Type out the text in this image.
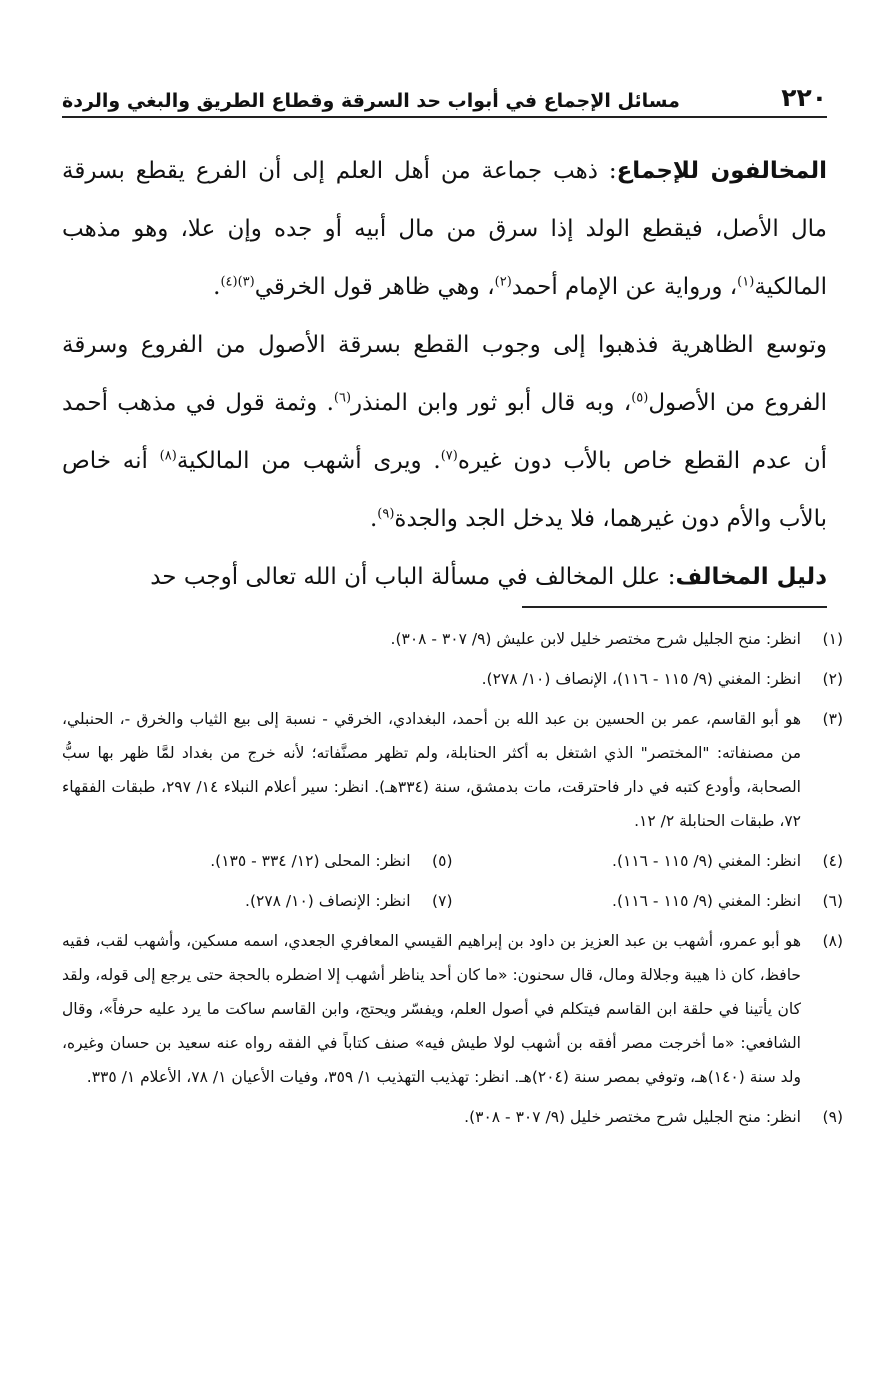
٢٢٠
مسائل الإجماع في أبواب حد السرقة وقطاع الطريق والبغي والردة

المخالفون للإجماع: ذهب جماعة من أهل العلم إلى أن الفرع يقطع بسرقة مال الأصل، فيقطع الولد إذا سرق من مال أبيه أو جده وإن علا، وهو مذهب المالكية$^{(١)}$، ورواية عن الإمام أحمد$^{(٢)}$، وهي ظاهر قول الخرقي$^{(٣)(٤)}$.

وتوسع الظاهرية فذهبوا إلى وجوب القطع بسرقة الأصول من الفروع وسرقة الفروع من الأصول$^{(٥)}$، وبه قال أبو ثور وابن المنذر$^{(٦)}$. وثمة قول في مذهب أحمد أن عدم القطع خاص بالأب دون غيره$^{(٧)}$. ويرى أشهب من المالكية$^{(٨)}$ أنه خاص بالأب والأم دون غيرهما، فلا يدخل الجد والجدة$^{(٩)}$.

دليل المخالف: علل المخالف في مسألة الباب أن الله تعالى أوجب حد

(١)
انظر: منح الجليل شرح مختصر خليل لابن عليش (٩/ ٣٠٧ - ٣٠٨).
(٢)
انظر: المغني (٩/ ١١٥ - ١١٦)، الإنصاف (١٠/ ٢٧٨).
(٣)
هو أبو القاسم، عمر بن الحسين بن عبد الله بن أحمد، البغدادي، الخرقي - نسبة إلى بيع الثياب والخرق -، الحنبلي، من مصنفاته: "المختصر" الذي اشتغل به أكثر الحنابلة، ولم تظهر مصنَّفاته؛ لأنه خرج من بغداد لمَّا ظهر بها سبُّ الصحابة، وأودع كتبه في دار فاحترقت، مات بدمشق، سنة (٣٣٤هـ). انظر: سير أعلام النبلاء ١٤/ ٢٩٧، طبقات الفقهاء ٧٢، طبقات الحنابلة ٢/ ١٢.
(٤)
انظر: المغني (٩/ ١١٥ - ١١٦).
(٥)
انظر: المحلى (١٢/ ٣٣٤ - ١٣٥).
(٦)
انظر: المغني (٩/ ١١٥ - ١١٦).
(٧)
انظر: الإنصاف (١٠/ ٢٧٨).
(٨)
هو أبو عمرو، أشهب بن عبد العزيز بن داود بن إبراهيم القيسي المعافري الجعدي، اسمه مسكين، وأشهب لقب، فقيه حافظ، كان ذا هيبة وجلالة ومال، قال سحنون: «ما كان أحد يناظر أشهب إلا اضطره بالحجة حتى يرجع إلى قوله، ولقد كان يأتينا في حلقة ابن القاسم فيتكلم في أصول العلم، ويفسّر ويحتج، وابن القاسم ساكت ما يرد عليه حرفاً»، وقال الشافعي: «ما أخرجت مصر أفقه بن أشهب لولا طيش فيه» صنف كتاباً في الفقه رواه عنه سعيد بن حسان وغيره، ولد سنة (١٤٠)هـ، وتوفي بمصر سنة (٢٠٤)هـ. انظر: تهذيب التهذيب ١/ ٣٥٩، وفيات الأعيان ١/ ٧٨، الأعلام ١/ ٣٣٥.
(٩)
انظر: منح الجليل شرح مختصر خليل (٩/ ٣٠٧ - ٣٠٨).
